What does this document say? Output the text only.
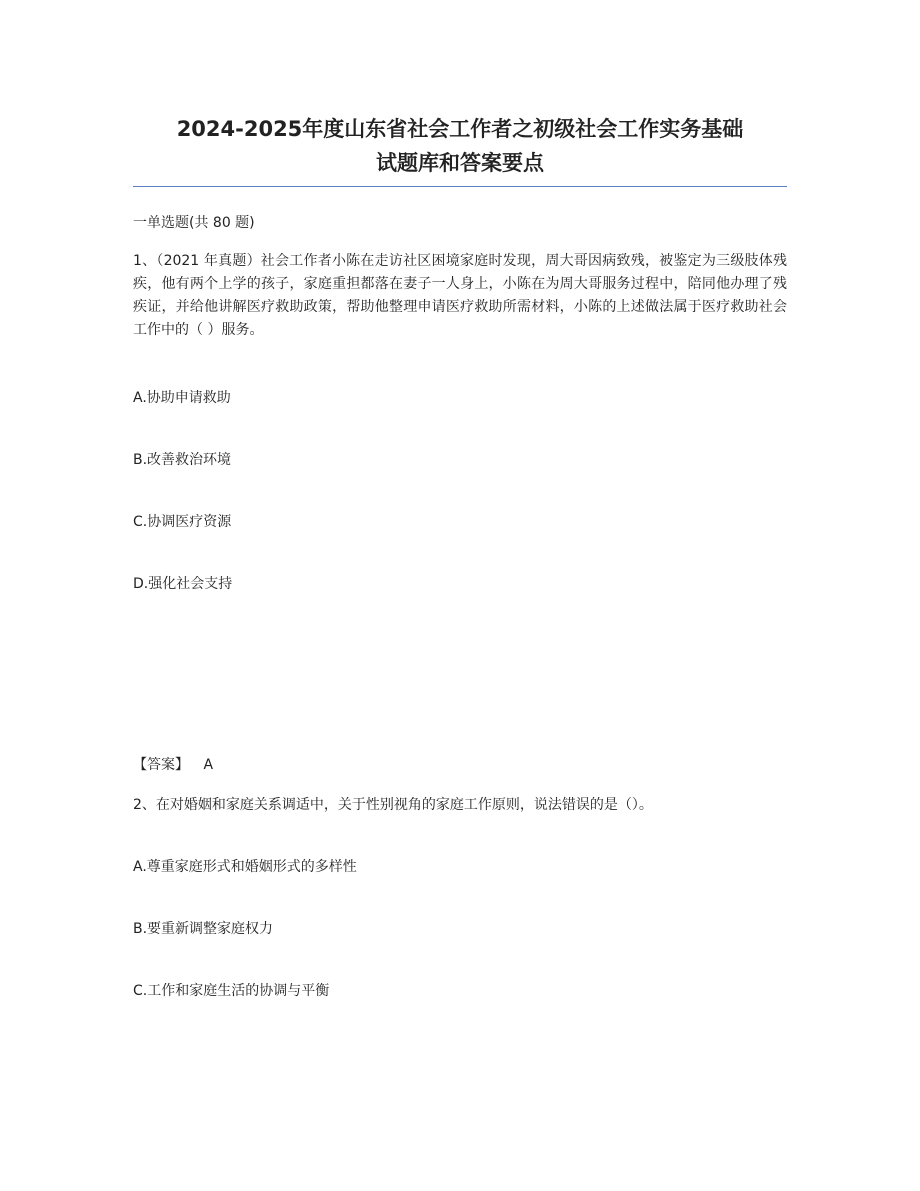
2024-2025年度山东省社会工作者之初级社会工作实务基础
试题库和答案要点
一单选题(共 80 题)
1、（2021 年真题）社会工作者小陈在走访社区困境家庭时发现，周大哥因病致残，被鉴定为三级肢体残疾，他有两个上学的孩子，家庭重担都落在妻子一人身上，小陈在为周大哥服务过程中，陪同他办理了残疾证，并给他讲解医疗救助政策，帮助他整理申请医疗救助所需材料，小陈的上述做法属于医疗救助社会工作中的（ ）服务。
A.协助申请救助
B.改善救治环境
C.协调医疗资源
D.强化社会支持
【答案】 A
2、在对婚姻和家庭关系调适中，关于性别视角的家庭工作原则，说法错误的是（）。
A.尊重家庭形式和婚姻形式的多样性
B.要重新调整家庭权力
C.工作和家庭生活的协调与平衡
